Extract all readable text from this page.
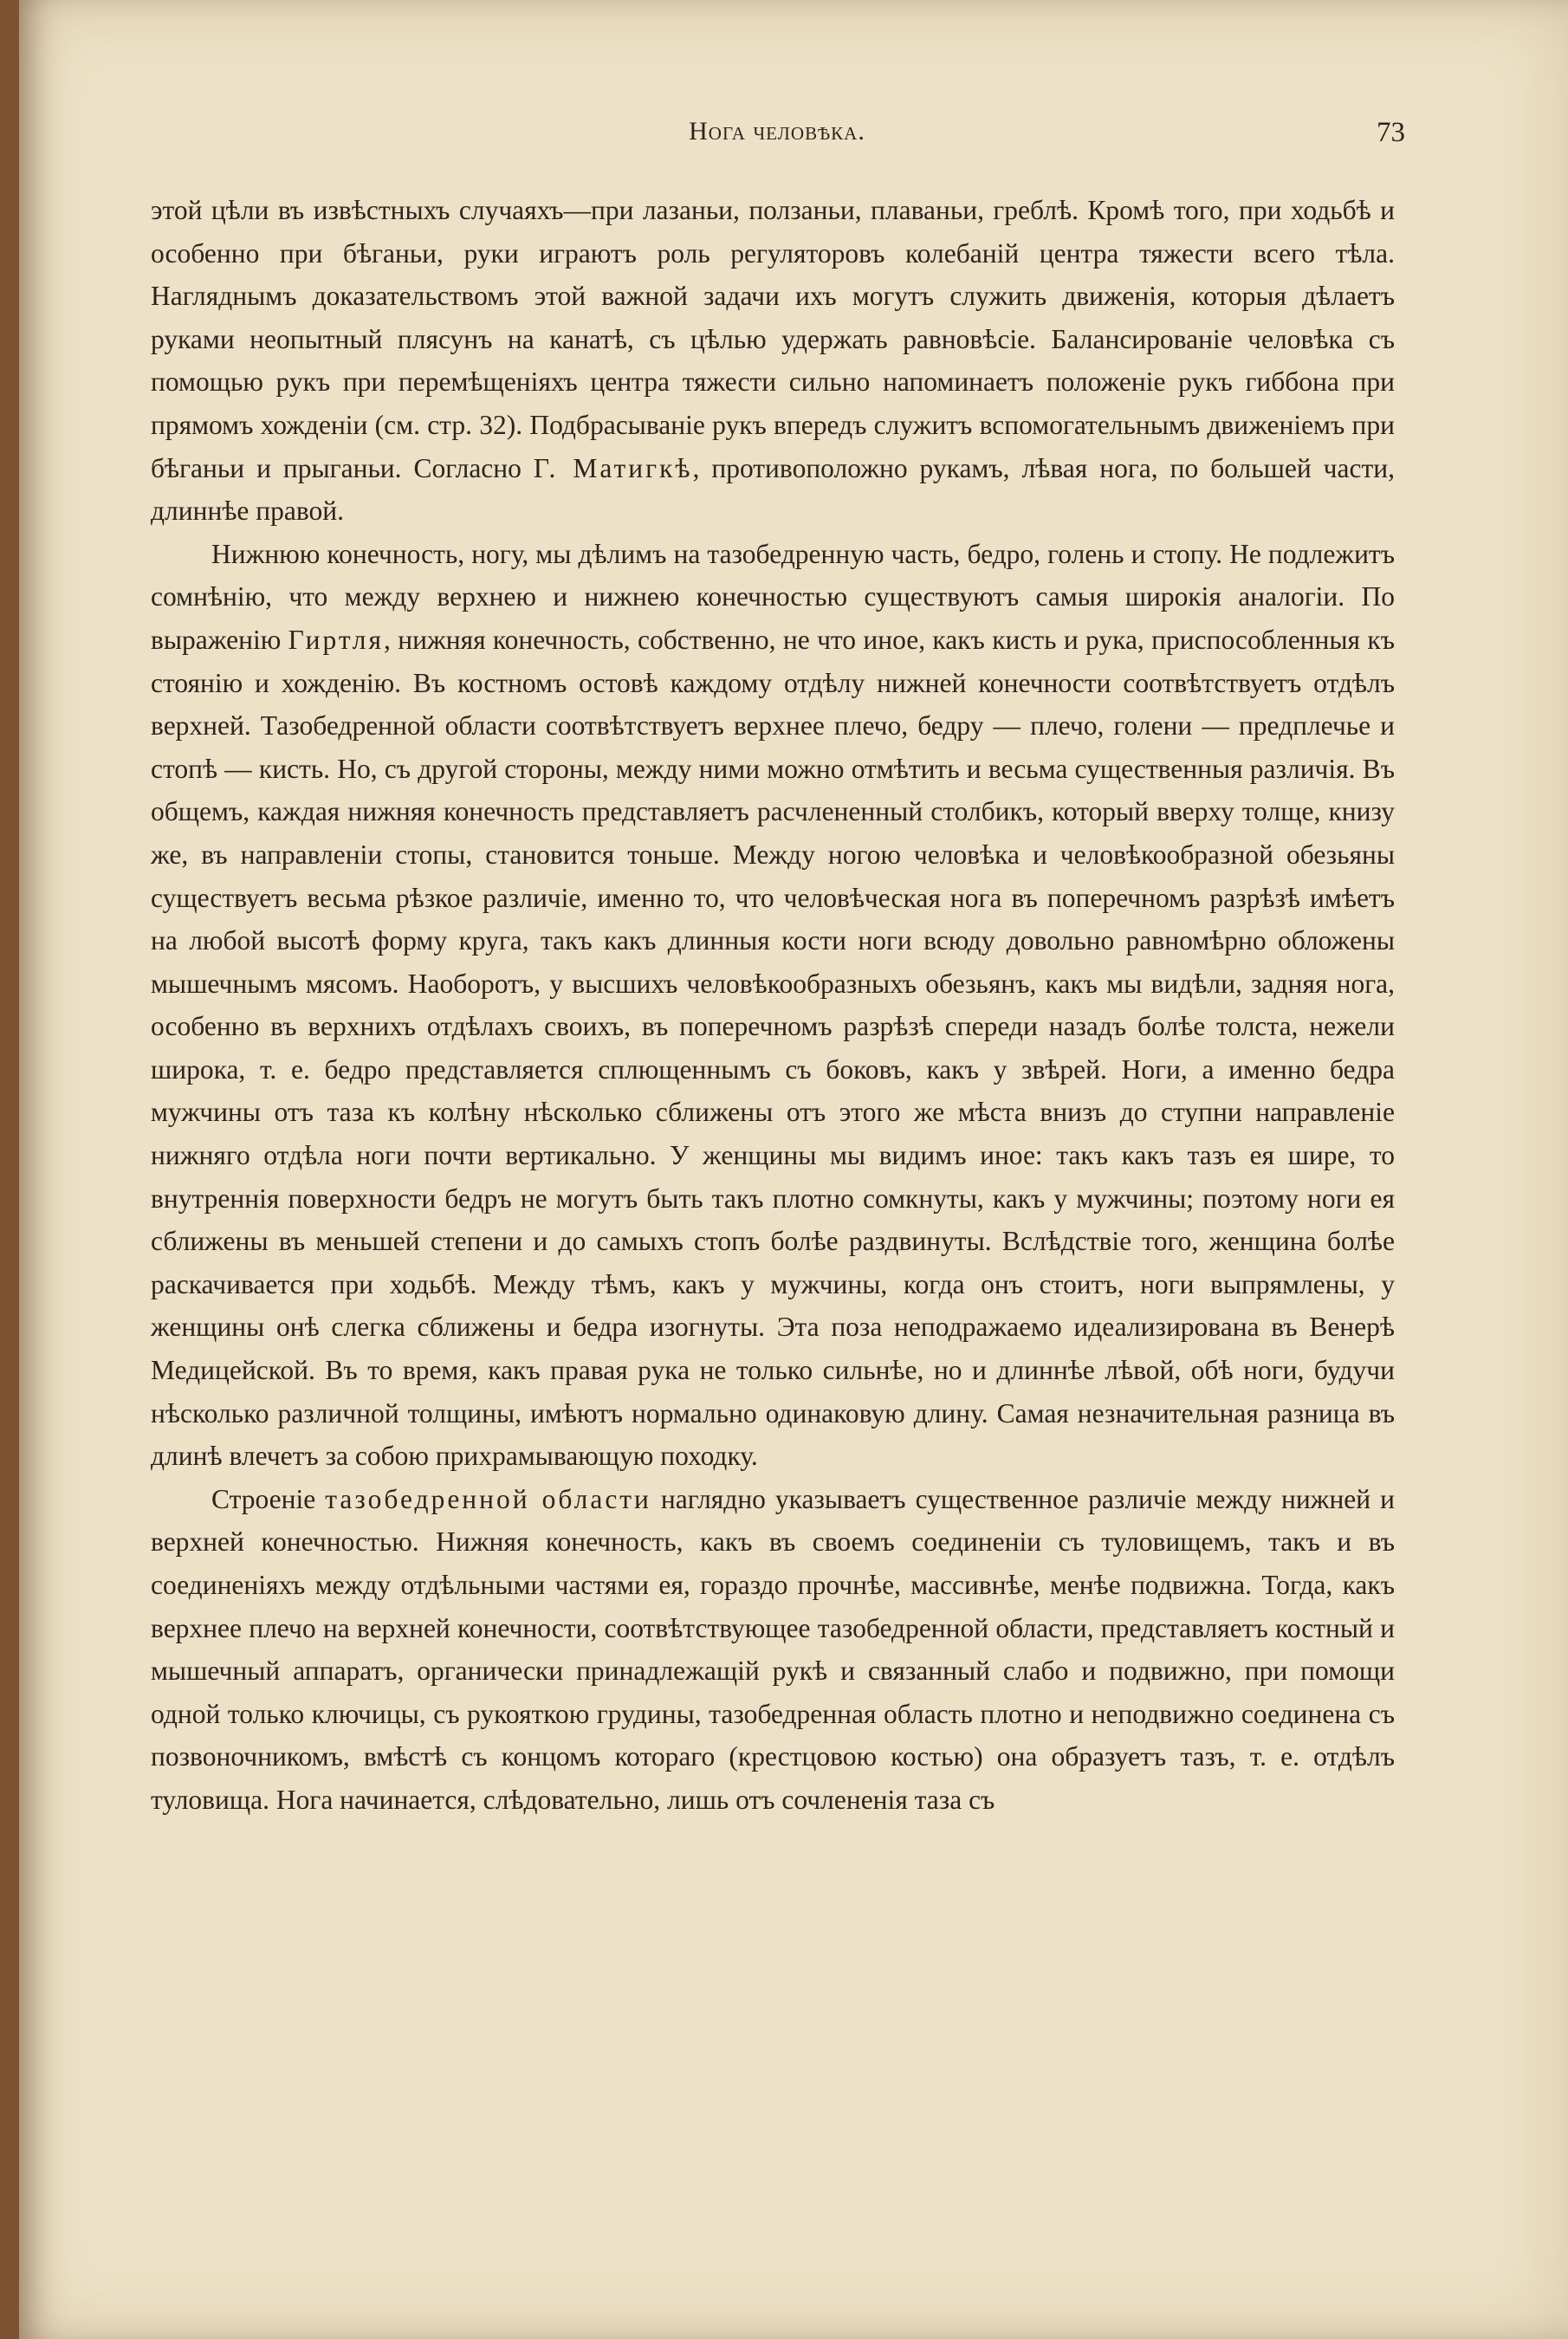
Нога человѣка.	73

этой цѣли въ извѣстныхъ случаяхъ—при лазаньи, ползаньи, плаваньи, греблѣ. Кромѣ того, при ходьбѣ и особенно при бѣганьи, руки играютъ роль регуляторовъ колебаній центра тяжести всего тѣла. Нагляднымъ доказательствомъ этой важной задачи ихъ могутъ служить движенія, которыя дѣлаетъ руками неопытный плясунъ на канатѣ, съ цѣлью удержать равновѣсіе. Балансированіе человѣка съ помощью рукъ при перемѣщеніяхъ центра тяжести сильно напоминаетъ положеніе рукъ гиббона при прямомъ хожденіи (см. стр. 32). Подбрасываніе рукъ впередъ служитъ вспомогательнымъ движеніемъ при бѣганьи и прыганьи. Согласно Г. Матигкѣ, противоположно рукамъ, лѣвая нога, по большей части, длиннѣе правой.

Нижнюю конечность, ногу, мы дѣлимъ на тазобедренную часть, бедро, голень и стопу. Не подлежитъ сомнѣнію, что между верхнею и нижнею конечностью существуютъ самыя широкія аналогіи. По выраженію Гиртля, нижняя конечность, собственно, не что иное, какъ кисть и рука, приспособленныя къ стоянію и хожденію. Въ костномъ остовѣ каждому отдѣлу нижней конечности соотвѣтствуетъ отдѣлъ верхней. Тазобедренной области соотвѣтствуетъ верхнее плечо, бедру — плечо, голени — предплечье и стопѣ — кисть. Но, съ другой стороны, между ними можно отмѣтить и весьма существенныя различія. Въ общемъ, каждая нижняя конечность представляетъ расчлененный столбикъ, который вверху толще, книзу же, въ направленіи стопы, становится тоньше. Между ногою человѣка и человѣкообразной обезьяны существуетъ весьма рѣзкое различіе, именно то, что человѣческая нога въ поперечномъ разрѣзѣ имѣетъ на любой высотѣ форму круга, такъ какъ длинныя кости ноги всюду довольно равномѣрно обложены мышечнымъ мясомъ. Наоборотъ, у высшихъ человѣкообразныхъ обезьянъ, какъ мы видѣли, задняя нога, особенно въ верхнихъ отдѣлахъ своихъ, въ поперечномъ разрѣзѣ спереди назадъ болѣе толста, нежели широка, т. е. бедро представляется сплющеннымъ съ боковъ, какъ у звѣрей. Ноги, а именно бедра мужчины отъ таза къ колѣну нѣсколько сближены отъ этого же мѣста внизъ до ступни направленіе нижняго отдѣла ноги почти вертикально. У женщины мы видимъ иное: такъ какъ тазъ ея шире, то внутреннія поверхности бедръ не могутъ быть такъ плотно сомкнуты, какъ у мужчины; поэтому ноги ея сближены въ меньшей степени и до самыхъ стопъ болѣе раздвинуты. Вслѣдствіе того, женщина болѣе раскачивается при ходьбѣ. Между тѣмъ, какъ у мужчины, когда онъ стоитъ, ноги выпрямлены, у женщины онѣ слегка сближены и бедра изогнуты. Эта поза неподражаемо идеализирована въ Венерѣ Медицейской. Въ то время, какъ правая рука не только сильнѣе, но и длиннѣе лѣвой, обѣ ноги, будучи нѣсколько различной толщины, имѣютъ нормально одинаковую длину. Самая незначительная разница въ длинѣ влечетъ за собою прихрамывающую походку.

Строеніе тазобедренной области наглядно указываетъ существенное различіе между нижней и верхней конечностью. Нижняя конечность, какъ въ своемъ соединеніи съ туловищемъ, такъ и въ соединеніяхъ между отдѣльными частями ея, гораздо прочнѣе, массивнѣе, менѣе подвижна. Тогда, какъ верхнее плечо на верхней конечности, соотвѣтствующее тазобедренной области, представляетъ костный и мышечный аппаратъ, органически принадлежащій рукѣ и связанный слабо и подвижно, при помощи одной только ключицы, съ рукояткою грудины, тазобедренная область плотно и неподвижно соединена съ позвоночникомъ, вмѣстѣ съ концомъ котораго (крестцовою костью) она образуетъ тазъ, т. е. отдѣлъ туловища. Нога начинается, слѣдовательно, лишь отъ сочлененія таза съ
